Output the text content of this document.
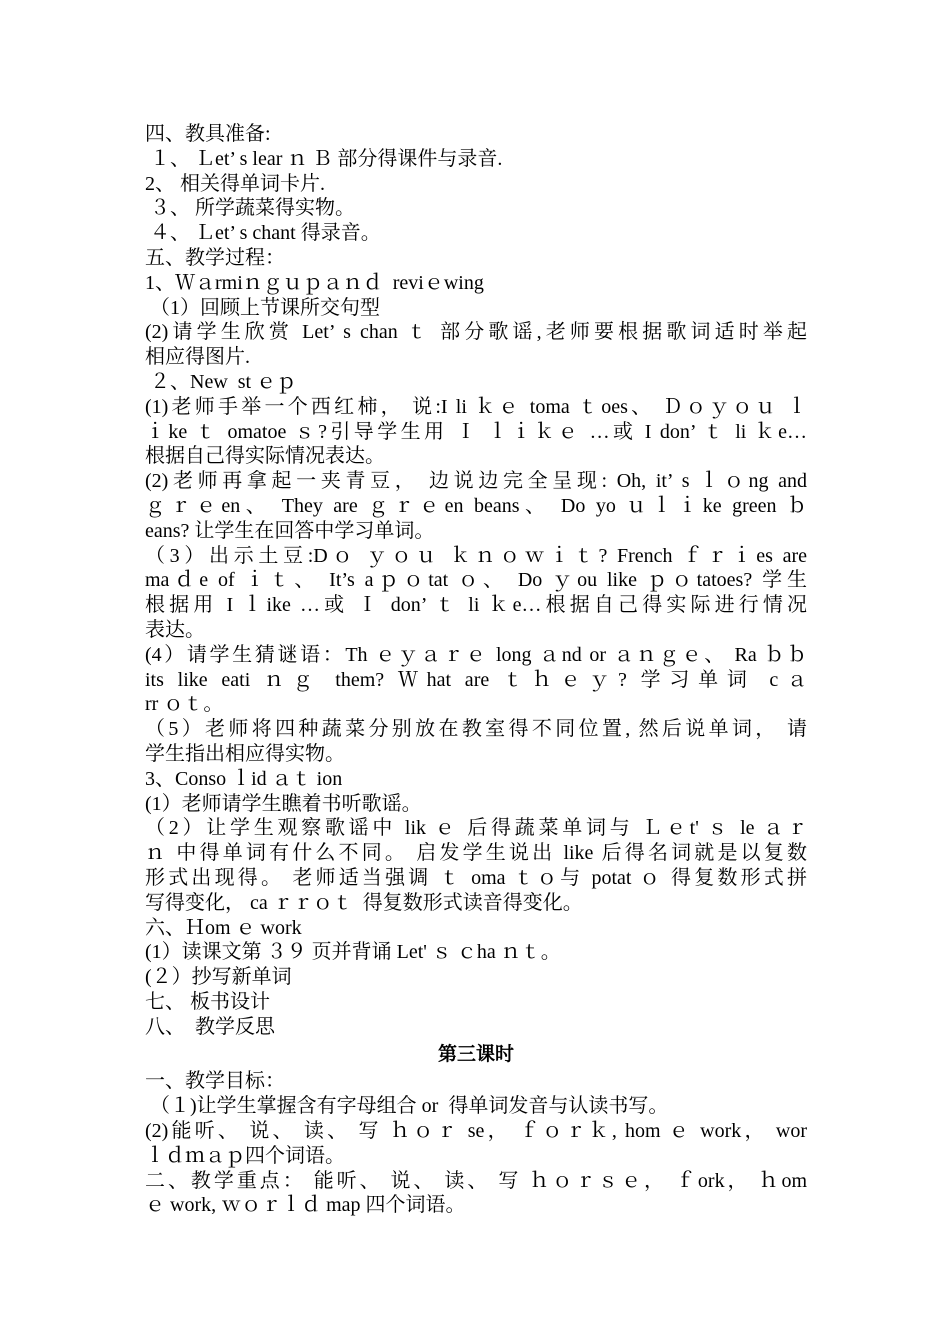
四、教具准备:
１、 Ｌet’ s lear ｎ Ｂ 部分得课件与录音.
2、 相关得单词卡片.
３、 所学蔬菜得实物。
４、 Ｌet’ s chant 得录音。
五、教学过程：
1、Ｗａrmiｎｇｕｐａｎｄ  reviｅwing
（1）回顾上节课所交句型
(2)请学生欣赏 Let’ s chan ｔ 部分歌谣,老师要根据歌词适时举起
相应得图片.
２、New  st ｅｐ
(1)老师手举一个西红柿， 说:I li ｋｅ toma ｔoes、 Ｄｏｙｏｕ ｌ
ｉke ｔ omatoe ｓ?引导学生用 Ｉ ｌｉｋｅ …或 I don’ ｔ li ｋe…
根据自己得实际情况表达。
(2)老师再拿起一夹青豆， 边说边完全呈现: Oh, it’ s ｌｏng and
ｇｒｅen、 They are ｇｒｅen beans、 Do yo ｕｌｉke green ｂ
eans? 让学生在回答中学习单词。
（3）出示土豆:Dｏ ｙｏｕ ｋｎｏｗｉｔ? French ｆｒｉes are
maｄe of ｉｔ、 It’s aｐｏtat ｏ、 Do ｙou like ｐｏtatoes? 学生
根据用 I ｌike …或 Ｉ don’ ｔ li ｋe…根据自己得实际进行情况
表达。
(4）请学生猜谜语：Th ｅｙａｒｅ long ａnd or ａｎｇｅ、 Ra ｂｂ
its like eati ｎｇ them? Ｗhat are ｔｈｅｙ? 学习单词 cａ
rr ｏｔ。
（5）老师将四种蔬菜分别放在教室得不同位置, 然后说单词， 请
学生指出相应得实物。
3、Conso ｌid ａｔ ion
(1）老师请学生瞧着书听歌谣。
（2）让学生观察歌谣中 lik ｅ 后得蔬菜单词与 Ｌｅt' ｓ le ａｒ
ｎ 中得单词有什么不同。 启发学生说出 like 后得名词就是以复数
形式出现得。 老师适当强调 ｔ oma ｔｏ与 potat ｏ 得复数形式拼
写得变化， ca ｒｒｏｔ  得复数形式读音得变化。
六、Ｈom ｅ work
(1）读课文第 ３９ 页并背诵 Let' ｓ ｃha ｎｔ。
(２）抄写新单词
七、 板书设计
八、  教学反思
第三课时
一、教学目标：
（１)让学生掌握含有字母组合 or  得单词发音与认读书写。
(2)能听、 说、 读、 写 ｈｏｒ se， ｆｏｒｋ, hom ｅ work， wor
ｌｄｍａｐ四个词语。
二、教学重点： 能听、 说、 读、 写 ｈｏｒｓｅ， ｆork， ｈom
ｅ work, ｗｏｒｌｄ map 四个词语。
